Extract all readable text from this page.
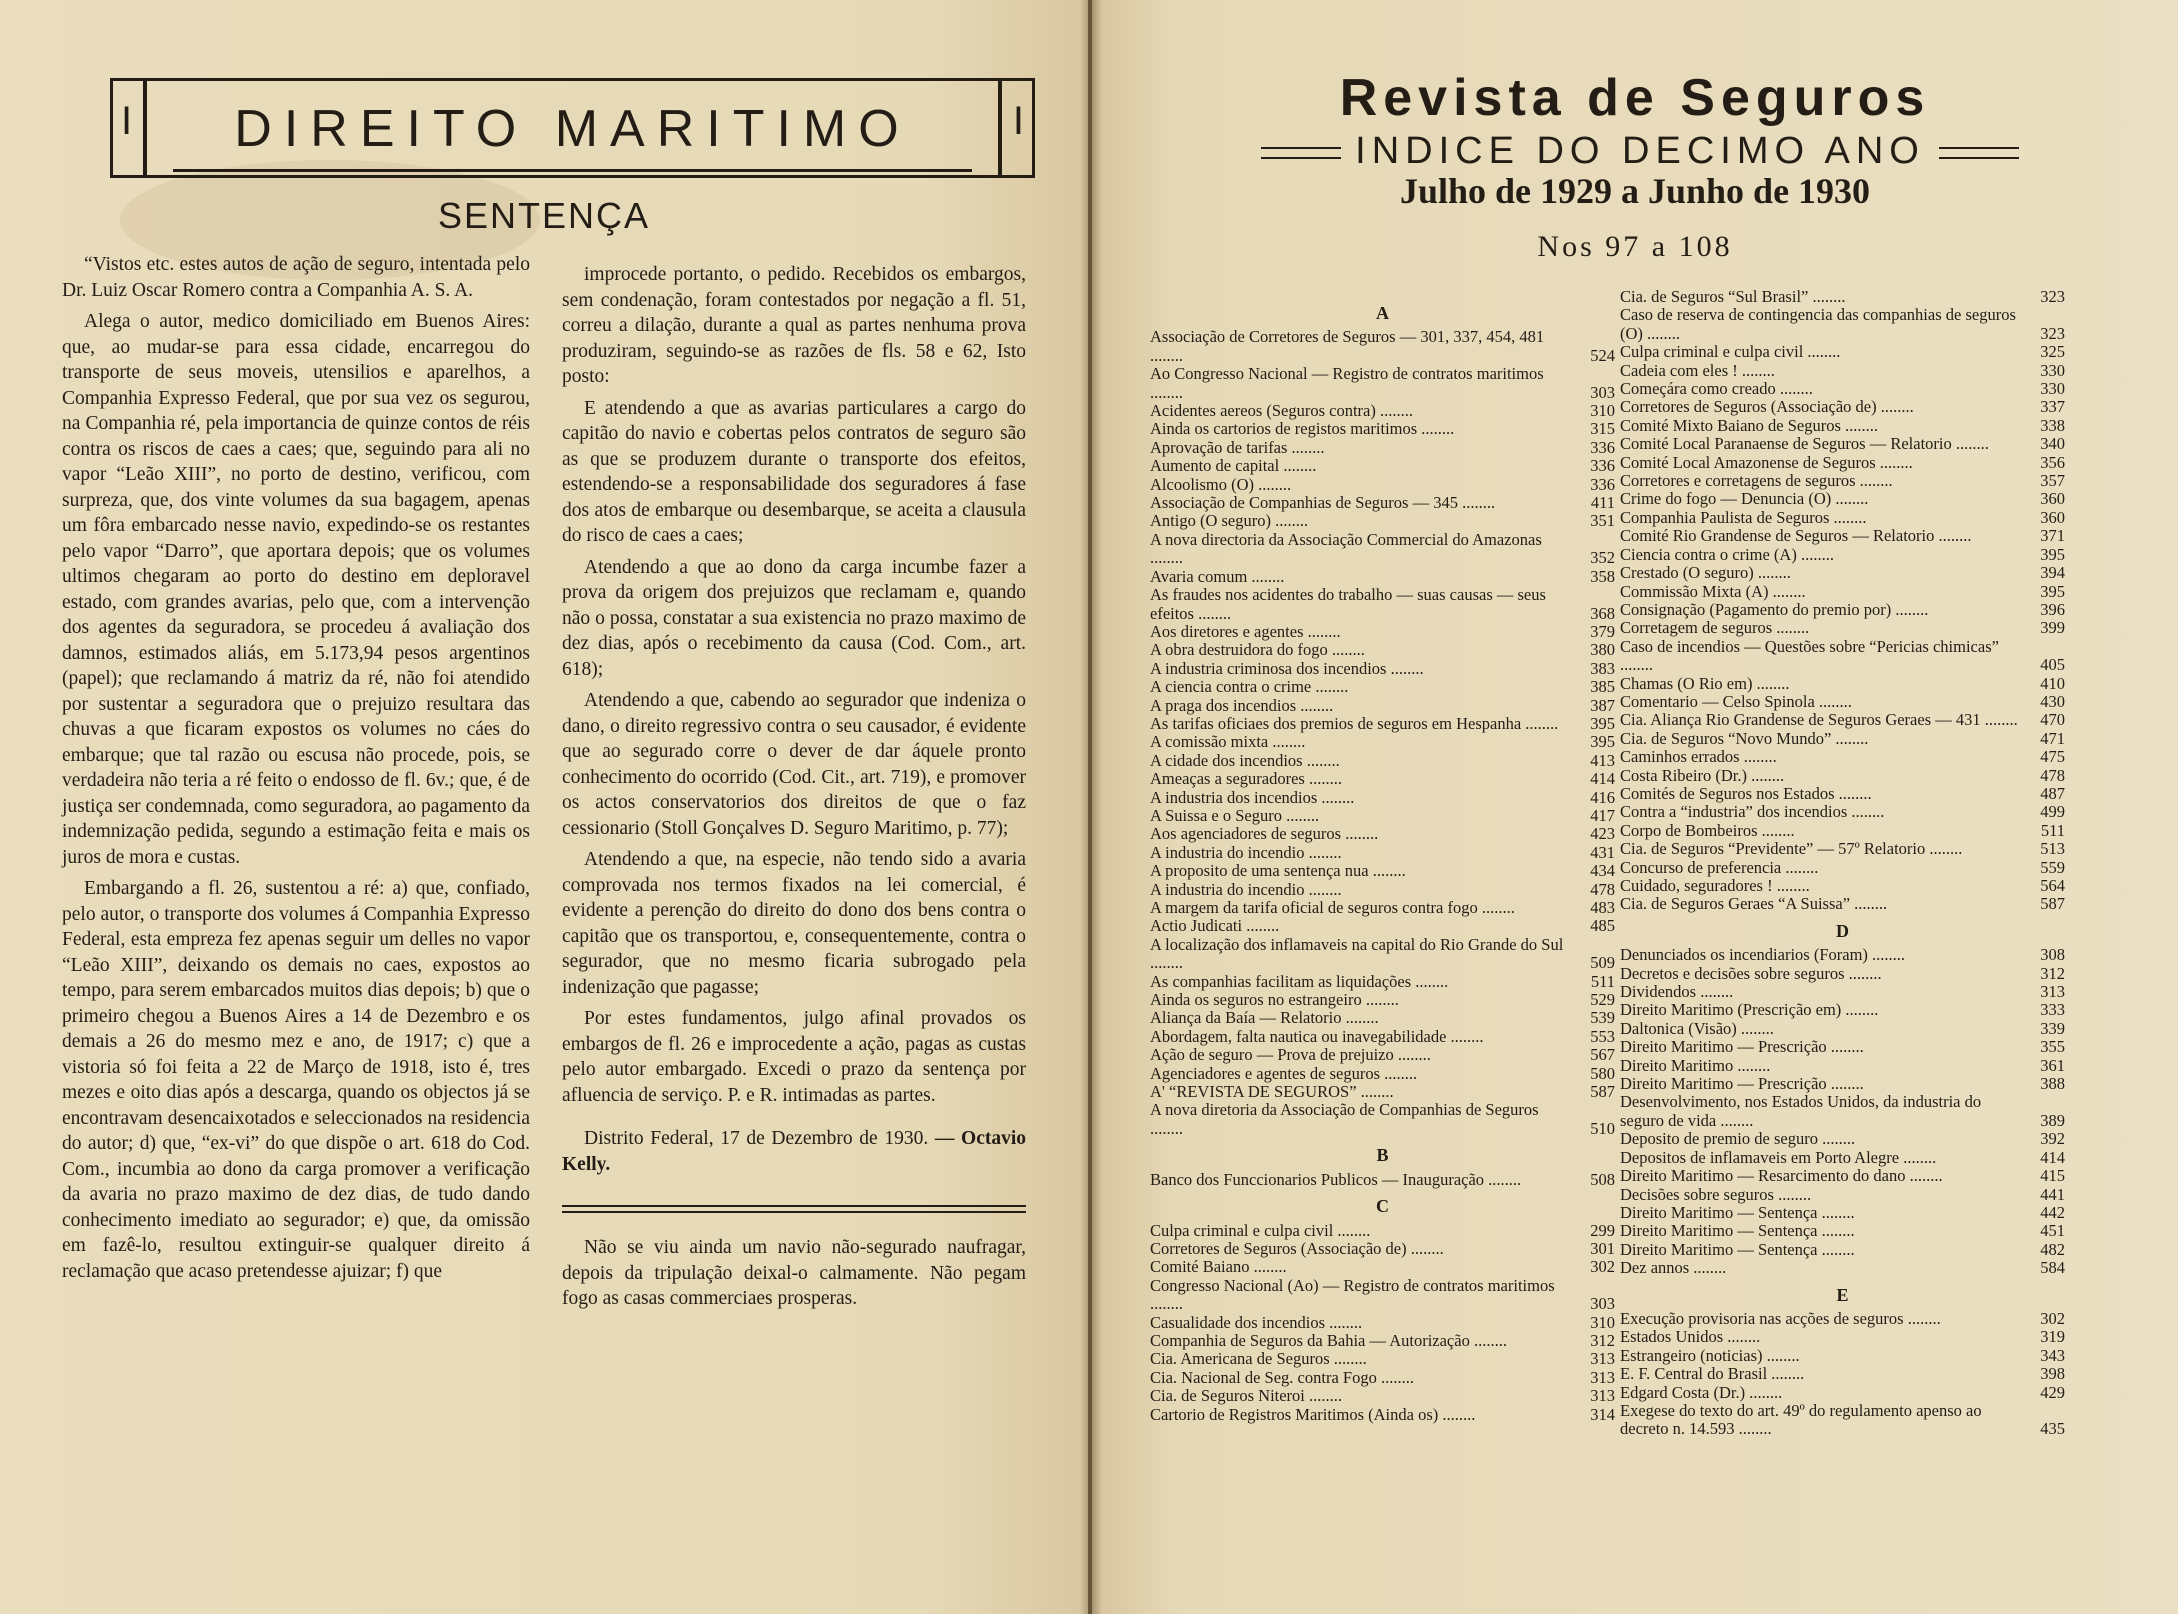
I	I
DIREITO MARITIMO
SENTENÇA

“Vistos etc. estes autos de ação de seguro, intentada pelo Dr. Luiz Oscar Romero contra a Companhia A. S. A.

Alega o autor, medico domiciliado em Buenos Aires: que, ao mudar-se para essa cidade, encarregou do transporte de seus moveis, utensilios e aparelhos, a Companhia Expresso Federal, que por sua vez os segurou, na Companhia ré, pela importancia de quinze contos de réis contra os riscos de caes a caes; que, seguindo para ali no vapor “Leão XIII”, no porto de destino, verificou, com surpreza, que, dos vinte volumes da sua bagagem, apenas um fôra embarcado nesse navio, expedindo-se os restantes pelo vapor “Darro”, que aportara depois; que os volumes ultimos chegaram ao porto do destino em deploravel estado, com grandes avarias, pelo que, com a intervenção dos agentes da seguradora, se procedeu á avaliação dos damnos, estimados aliás, em 5.173,94 pesos argentinos (papel); que reclamando á matriz da ré, não foi atendido por sustentar a seguradora que o prejuizo resultara das chuvas a que ficaram expostos os volumes no cáes do embarque; que tal razão ou escusa não procede, pois, se verdadeira não teria a ré feito o endosso de fl. 6v.; que, é de justiça ser condemnada, como seguradora, ao pagamento da indemnização pedida, segundo a estimação feita e mais os juros de mora e custas.

Embargando a fl. 26, sustentou a ré: a) que, confiado, pelo autor, o transporte dos volumes á Companhia Expresso Federal, esta empreza fez apenas seguir um delles no vapor “Leão XIII”, deixando os demais no caes, expostos ao tempo, para serem embarcados muitos dias depois; b) que o primeiro chegou a Buenos Aires a 14 de Dezembro e os demais a 26 do mesmo mez e ano, de 1917; c) que a vistoria só foi feita a 22 de Março de 1918, isto é, tres mezes e oito dias após a descarga, quando os objectos já se encontravam desencaixotados e seleccionados na residencia do autor; d) que, “ex-vi” do que dispõe o art. 618 do Cod. Com., incumbia ao dono da carga promover a verificação da avaria no prazo maximo de dez dias, de tudo dando conhecimento imediato ao segurador; e) que, da omissão em fazê-lo, resultou extinguir-se qualquer direito á reclamação que acaso pretendesse ajuizar; f) que

improcede portanto, o pedido. Recebidos os embargos, sem condenação, foram contestados por negação a fl. 51, correu a dilação, durante a qual as partes nenhuma prova produziram, seguindo-se as razões de fls. 58 e 62, Isto posto:

E atendendo a que as avarias particulares a cargo do capitão do navio e cobertas pelos contratos de seguro são as que se produzem durante o transporte dos efeitos, estendendo-se a responsabilidade dos seguradores á fase dos atos de embarque ou desembarque, se aceita a clausula do risco de caes a caes;

Atendendo a que ao dono da carga incumbe fazer a prova da origem dos prejuizos que reclamam e, quando não o possa, constatar a sua existencia no prazo maximo de dez dias, após o recebimento da causa (Cod. Com., art. 618);

Atendendo a que, cabendo ao segurador que indeniza o dano, o direito regressivo contra o seu causador, é evidente que ao segurado corre o dever de dar áquele pronto conhecimento do ocorrido (Cod. Cit., art. 719), e promover os actos conservatorios dos direitos de que o faz cessionario (Stoll Gonçalves D. Seguro Maritimo, p. 77);

Atendendo a que, na especie, não tendo sido a avaria comprovada nos termos fixados na lei comercial, é evidente a perenção do direito do dono dos bens contra o capitão que os transportou, e, consequentemente, contra o segurador, que no mesmo ficaria subrogado pela indenização que pagasse;

Por estes fundamentos, julgo afinal provados os embargos de fl. 26 e improcedente a ação, pagas as custas pelo autor embargado. Excedi o prazo da sentença por afluencia de serviço. P. e R. intimadas as partes.

Distrito Federal, 17 de Dezembro de 1930. — Octavio Kelly.

Não se viu ainda um navio não-segurado naufragar, depois da tripulação deixal-o calmamente. Não pegam fogo as casas commerciaes prosperas.

Revista de Seguros
INDICE DO DECIMO ANO
Julho de 1929 a Junho de 1930
Nos 97 a 108
A
Associação de Corretores de Seguros — 301, 337, 454, 481 ........	524
Ao Congresso Nacional — Registro de contratos maritimos ........	303
Acidentes aereos (Seguros contra) ........	310
Ainda os cartorios de registos maritimos ........	315
Aprovação de tarifas ........	336
Aumento de capital ........	336
Alcoolismo (O) ........	336
Associação de Companhias de Seguros — 345 ........	411
Antigo (O seguro) ........	351
A nova directoria da Associação Commercial do Amazonas ........	352
Avaria comum ........	358
As fraudes nos acidentes do trabalho — suas causas — seus efeitos ........	368
Aos diretores e agentes ........	379
A obra destruidora do fogo ........	380
A industria criminosa dos incendios ........	383
A ciencia contra o crime ........	385
A praga dos incendios ........	387
As tarifas oficiaes dos premios de seguros em Hespanha ........	395
A comissão mixta ........	395
A cidade dos incendios ........	413
Ameaças a seguradores ........	414
A industria dos incendios ........	416
A Suissa e o Seguro ........	417
Aos agenciadores de seguros ........	423
A industria do incendio ........	431
A proposito de uma sentença nua ........	434
A industria do incendio ........	478
A margem da tarifa oficial de seguros contra fogo ........	483
Actio Judicati ........	485
A localização dos inflamaveis na capital do Rio Grande do Sul ........	509
As companhias facilitam as liquidações ........	511
Ainda os seguros no estrangeiro ........	529
Aliança da Baía — Relatorio ........	539
Abordagem, falta nautica ou inavegabilidade ........	553
Ação de seguro — Prova de prejuizo ........	567
Agenciadores e agentes de seguros ........	580
A' “REVISTA DE SEGUROS” ........	587
A nova diretoria da Associação de Companhias de Seguros ........	510
B
Banco dos Funccionarios Publicos — Inauguração ........	508
C
Culpa criminal e culpa civil ........	299
Corretores de Seguros (Associação de) ........	301
Comité Baiano ........	302
Congresso Nacional (Ao) — Registro de contratos maritimos ........	303
Casualidade dos incendios ........	310
Companhia de Seguros da Bahia — Autorização ........	312
Cia. Americana de Seguros ........	313
Cia. Nacional de Seg. contra Fogo ........	313
Cia. de Seguros Niteroi ........	313
Cartorio de Registros Maritimos (Ainda os) ........	314
Cia. de Seguros “Sul Brasil” ........	323
Caso de reserva de contingencia das companhias de seguros (O) ........	323
Culpa criminal e culpa civil ........	325
Cadeia com eles ! ........	330
Começára como creado ........	330
Corretores de Seguros (Associação de) ........	337
Comité Mixto Baiano de Seguros ........	338
Comité Local Paranaense de Seguros — Relatorio ........	340
Comité Local Amazonense de Seguros ........	356
Corretores e corretagens de seguros ........	357
Crime do fogo — Denuncia (O) ........	360
Companhia Paulista de Seguros ........	360
Comité Rio Grandense de Seguros — Relatorio ........	371
Ciencia contra o crime (A) ........	395
Crestado (O seguro) ........	394
Commissão Mixta (A) ........	395
Consignação (Pagamento do premio por) ........	396
Corretagem de seguros ........	399
Caso de incendios — Questões sobre “Pericias chimicas” ........	405
Chamas (O Rio em) ........	410
Comentario — Celso Spinola ........	430
Cia. Aliança Rio Grandense de Seguros Geraes — 431 ........	470
Cia. de Seguros “Novo Mundo” ........	471
Caminhos errados ........	475
Costa Ribeiro (Dr.) ........	478
Comités de Seguros nos Estados ........	487
Contra a “industria” dos incendios ........	499
Corpo de Bombeiros ........	511
Cia. de Seguros “Previdente” — 57º Relatorio ........	513
Concurso de preferencia ........	559
Cuidado, seguradores ! ........	564
Cia. de Seguros Geraes “A Suissa” ........	587
D
Denunciados os incendiarios (Foram) ........	308
Decretos e decisões sobre seguros ........	312
Dividendos ........	313
Direito Maritimo (Prescrição em) ........	333
Daltonica (Visão) ........	339
Direito Maritimo — Prescrição ........	355
Direito Maritimo ........	361
Direito Maritimo — Prescrição ........	388
Desenvolvimento, nos Estados Unidos, da industria do seguro de vida ........	389
Deposito de premio de seguro ........	392
Depositos de inflamaveis em Porto Alegre ........	414
Direito Maritimo — Resarcimento do dano ........	415
Decisões sobre seguros ........	441
Direito Maritimo — Sentença ........	442
Direito Maritimo — Sentença ........	451
Direito Maritimo — Sentença ........	482
Dez annos ........	584
E
Execução provisoria nas acções de seguros ........	302
Estados Unidos ........	319
Estrangeiro (noticias) ........	343
E. F. Central do Brasil ........	398
Edgard Costa (Dr.) ........	429
Exegese do texto do art. 49º do regulamento apenso ao decreto n. 14.593 ........	435
